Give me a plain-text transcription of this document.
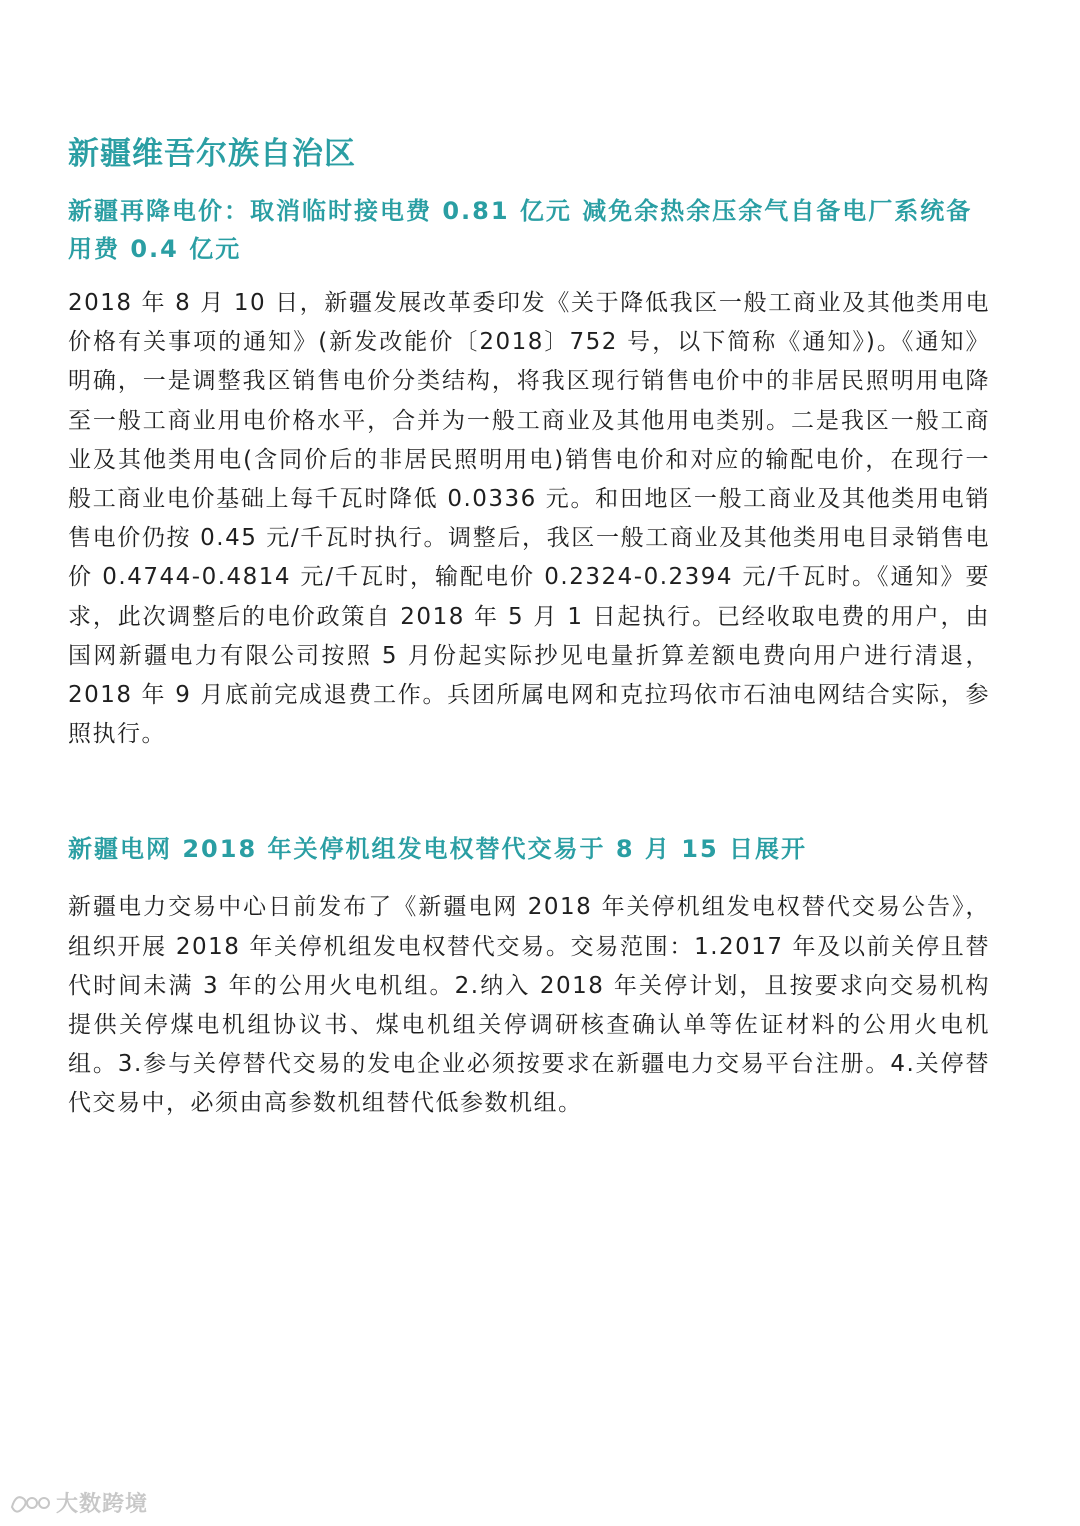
新疆维吾尔族自治区
新疆再降电价：取消临时接电费 0.81 亿元 减免余热余压余气自备电厂系统备用费 0.4 亿元

2018 年 8 月 10 日，新疆发展改革委印发《关于降低我区一般工商业及其他类用电价格有关事项的通知》(新发改能价〔2018〕752 号，以下简称《通知》)。《通知》明确，一是调整我区销售电价分类结构，将我区现行销售电价中的非居民照明用电降至一般工商业用电价格水平，合并为一般工商业及其他用电类别。二是我区一般工商业及其他类用电(含同价后的非居民照明用电)销售电价和对应的输配电价，在现行一般工商业电价基础上每千瓦时降低 0.0336 元。和田地区一般工商业及其他类用电销售电价仍按 0.45 元/千瓦时执行。调整后，我区一般工商业及其他类用电目录销售电价 0.4744-0.4814 元/千瓦时，输配电价 0.2324-0.2394 元/千瓦时。《通知》要求，此次调整后的电价政策自 2018 年 5 月 1 日起执行。已经收取电费的用户，由国网新疆电力有限公司按照 5 月份起实际抄见电量折算差额电费向用户进行清退，2018 年 9 月底前完成退费工作。兵团所属电网和克拉玛依市石油电网结合实际，参照执行。

新疆电网 2018 年关停机组发电权替代交易于 8 月 15 日展开

新疆电力交易中心日前发布了《新疆电网 2018 年关停机组发电权替代交易公告》，组织开展 2018 年关停机组发电权替代交易。交易范围：1.2017 年及以前关停且替代时间未满 3 年的公用火电机组。2.纳入 2018 年关停计划，且按要求向交易机构提供关停煤电机组协议书、煤电机组关停调研核查确认单等佐证材料的公用火电机组。3.参与关停替代交易的发电企业必须按要求在新疆电力交易平台注册。4.关停替代交易中，必须由高参数机组替代低参数机组。

大数跨境
